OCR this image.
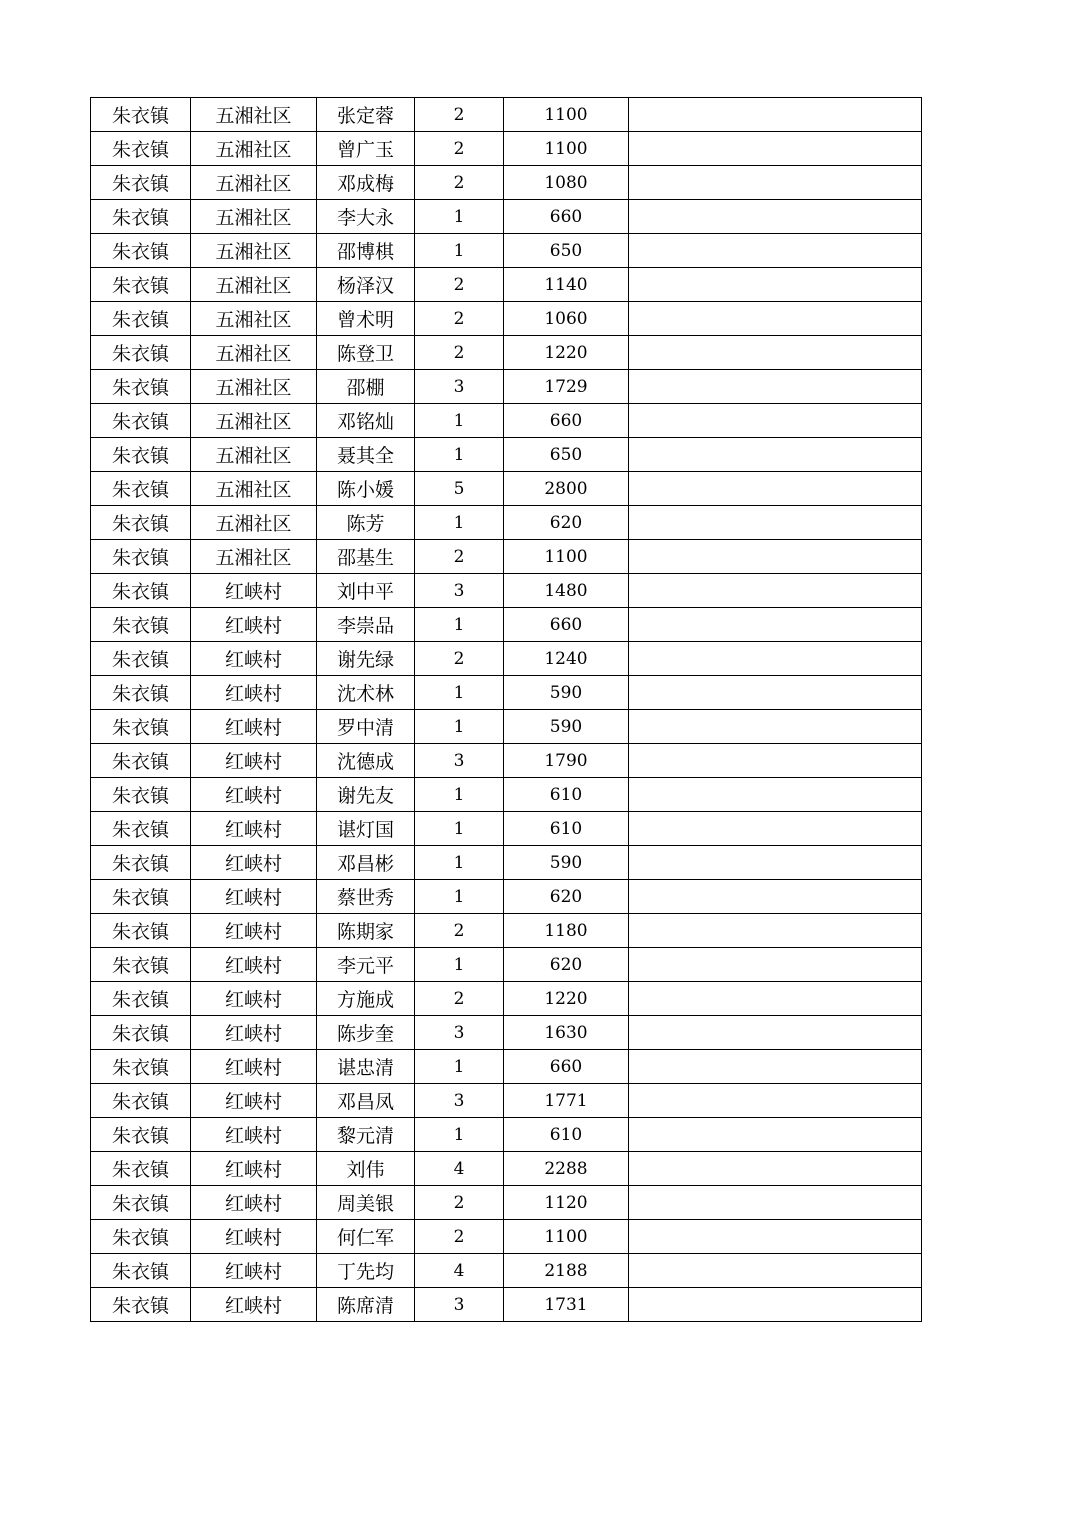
朱衣镇	五湘社区	张定蓉	2	1100	
朱衣镇	五湘社区	曾广玉	2	1100	
朱衣镇	五湘社区	邓成梅	2	1080	
朱衣镇	五湘社区	李大永	1	660	
朱衣镇	五湘社区	邵博棋	1	650	
朱衣镇	五湘社区	杨泽汉	2	1140	
朱衣镇	五湘社区	曾术明	2	1060	
朱衣镇	五湘社区	陈登卫	2	1220	
朱衣镇	五湘社区	邵棚	3	1729	
朱衣镇	五湘社区	邓铭灿	1	660	
朱衣镇	五湘社区	聂其全	1	650	
朱衣镇	五湘社区	陈小媛	5	2800	
朱衣镇	五湘社区	陈芳	1	620	
朱衣镇	五湘社区	邵基生	2	1100	
朱衣镇	红峡村	刘中平	3	1480	
朱衣镇	红峡村	李崇品	1	660	
朱衣镇	红峡村	谢先绿	2	1240	
朱衣镇	红峡村	沈术林	1	590	
朱衣镇	红峡村	罗中清	1	590	
朱衣镇	红峡村	沈德成	3	1790	
朱衣镇	红峡村	谢先友	1	610	
朱衣镇	红峡村	谌灯国	1	610	
朱衣镇	红峡村	邓昌彬	1	590	
朱衣镇	红峡村	蔡世秀	1	620	
朱衣镇	红峡村	陈期家	2	1180	
朱衣镇	红峡村	李元平	1	620	
朱衣镇	红峡村	方施成	2	1220	
朱衣镇	红峡村	陈步奎	3	1630	
朱衣镇	红峡村	谌忠清	1	660	
朱衣镇	红峡村	邓昌凤	3	1771	
朱衣镇	红峡村	黎元清	1	610	
朱衣镇	红峡村	刘伟	4	2288	
朱衣镇	红峡村	周美银	2	1120	
朱衣镇	红峡村	何仁军	2	1100	
朱衣镇	红峡村	丁先均	4	2188	
朱衣镇	红峡村	陈席清	3	1731	
